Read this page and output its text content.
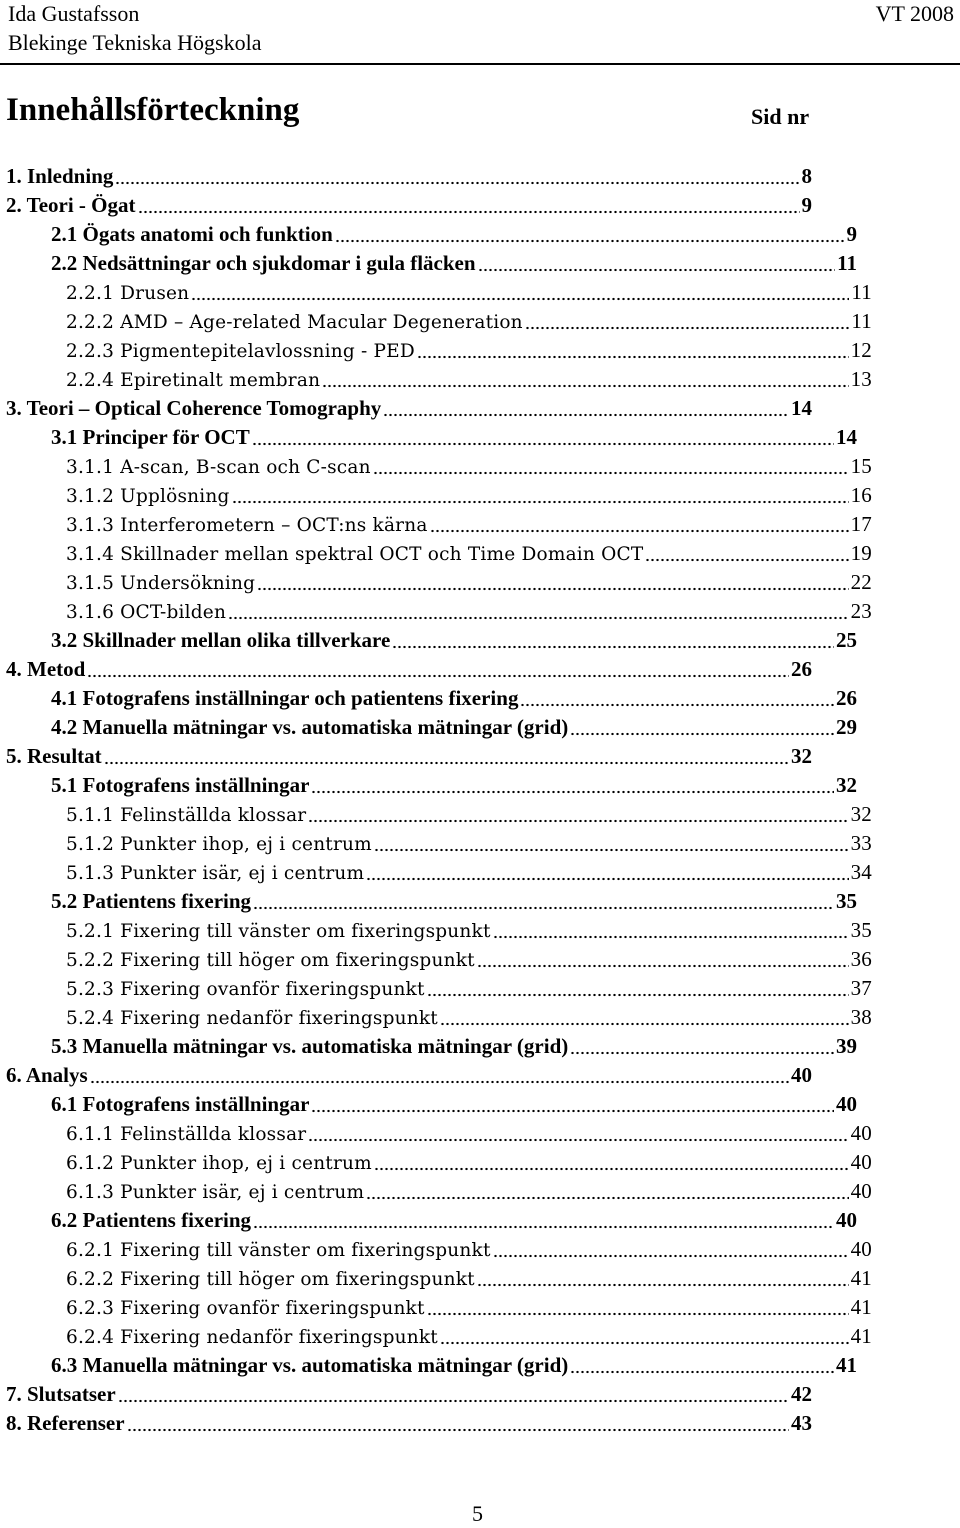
Ida Gustafsson
Blekinge Tekniska Högskola
VT 2008
Innehållsförteckning	Sid nr
1. Inledning	8
2. Teori - Ögat	9
2.1 Ögats anatomi och funktion	9
2.2 Nedsättningar och sjukdomar i gula fläcken	11
2.2.1 Drusen	11
2.2.2 AMD – Age-related Macular Degeneration	11
2.2.3 Pigmentepitelavlossning - PED	12
2.2.4 Epiretinalt membran	13
3. Teori – Optical Coherence Tomography	14
3.1 Principer för OCT	14
3.1.1 A-scan, B-scan och C-scan	15
3.1.2 Upplösning	16
3.1.3 Interferometern – OCT:ns kärna	17
3.1.4 Skillnader mellan spektral OCT och Time Domain OCT	19
3.1.5 Undersökning	22
3.1.6 OCT-bilden	23
3.2 Skillnader mellan olika tillverkare	25
4. Metod	26
4.1 Fotografens inställningar och patientens fixering	26
4.2 Manuella mätningar vs. automatiska mätningar (grid)	29
5. Resultat	32
5.1 Fotografens inställningar	32
5.1.1 Felinställda klossar	32
5.1.2 Punkter ihop, ej i centrum	33
5.1.3 Punkter isär, ej i centrum	34
5.2 Patientens fixering	35
5.2.1 Fixering till vänster om fixeringspunkt	35
5.2.2 Fixering till höger om fixeringspunkt	36
5.2.3 Fixering ovanför fixeringspunkt	37
5.2.4 Fixering nedanför fixeringspunkt	38
5.3 Manuella mätningar vs. automatiska mätningar (grid)	39
6. Analys	40
6.1 Fotografens inställningar	40
6.1.1 Felinställda klossar	40
6.1.2 Punkter ihop, ej i centrum	40
6.1.3 Punkter isär, ej i centrum	40
6.2 Patientens fixering	40
6.2.1 Fixering till vänster om fixeringspunkt	40
6.2.2 Fixering till höger om fixeringspunkt	41
6.2.3 Fixering ovanför fixeringspunkt	41
6.2.4 Fixering nedanför fixeringspunkt	41
6.3 Manuella mätningar vs. automatiska mätningar (grid)	41
7. Slutsatser	42
8. Referenser	43
5
